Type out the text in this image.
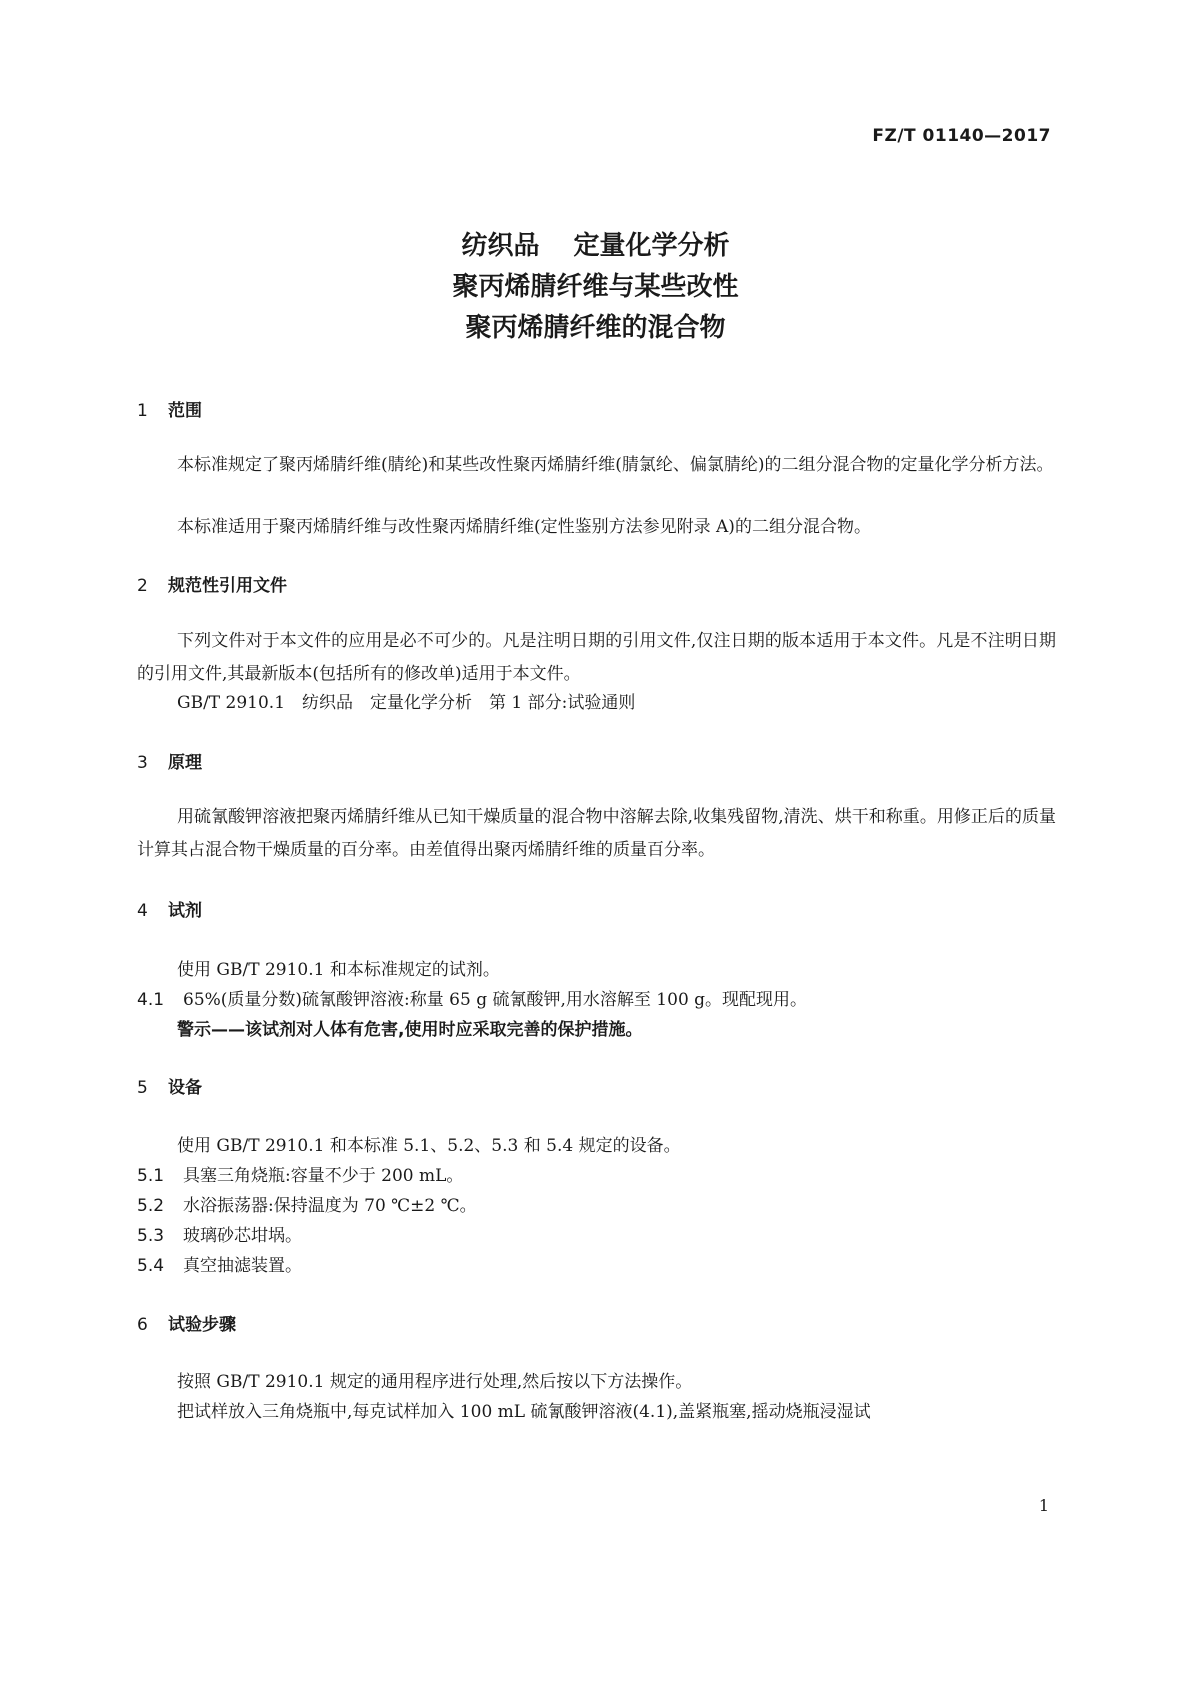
FZ/T 01140—2017
纺织品 定量化学分析
聚丙烯腈纤维与某些改性
聚丙烯腈纤维的混合物
1 范围
本标准规定了聚丙烯腈纤维(腈纶)和某些改性聚丙烯腈纤维(腈氯纶、偏氯腈纶)的二组分混合物的定量化学分析方法。
本标准适用于聚丙烯腈纤维与改性聚丙烯腈纤维(定性鉴别方法参见附录 A)的二组分混合物。
2 规范性引用文件
下列文件对于本文件的应用是必不可少的。凡是注明日期的引用文件,仅注日期的版本适用于本文件。凡是不注明日期的引用文件,其最新版本(包括所有的修改单)适用于本文件。
GB/T 2910.1　纺织品　定量化学分析　第 1 部分:试验通则
3 原理
用硫氰酸钾溶液把聚丙烯腈纤维从已知干燥质量的混合物中溶解去除,收集残留物,清洗、烘干和称重。用修正后的质量计算其占混合物干燥质量的百分率。由差值得出聚丙烯腈纤维的质量百分率。
4 试剂
使用 GB/T 2910.1 和本标准规定的试剂。
4.1 65%(质量分数)硫氰酸钾溶液:称量 65 g 硫氰酸钾,用水溶解至 100 g。现配现用。
警示——该试剂对人体有危害,使用时应采取完善的保护措施。
5 设备
使用 GB/T 2910.1 和本标准 5.1、5.2、5.3 和 5.4 规定的设备。
5.1 具塞三角烧瓶:容量不少于 200 mL。
5.2 水浴振荡器:保持温度为 70 ℃±2 ℃。
5.3 玻璃砂芯坩埚。
5.4 真空抽滤装置。
6 试验步骤
按照 GB/T 2910.1 规定的通用程序进行处理,然后按以下方法操作。
把试样放入三角烧瓶中,每克试样加入 100 mL 硫氰酸钾溶液(4.1),盖紧瓶塞,摇动烧瓶浸湿试
1
